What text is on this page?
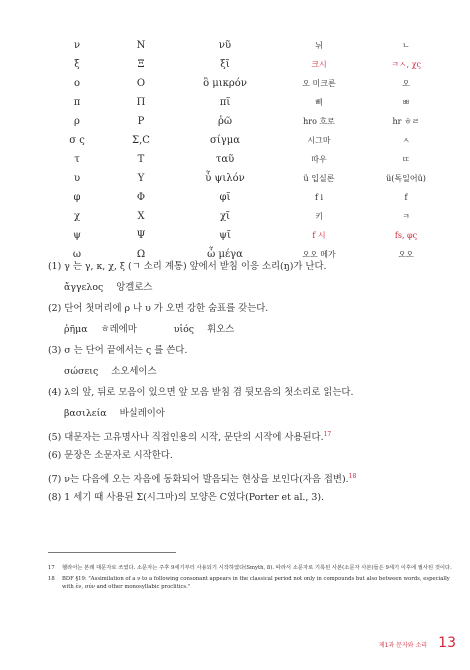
ν	N	νῦ	뉘	ㄴ
ξ	Ξ	ξῖ	크시	ㅋㅅ, χς
ο	O	ὂ μικρόν	오 미크론	오
π	Π	πῖ	삐	ㅃ
ρ	P	ῥῶ	hro 흐로	hr ㅎㄹ
σ ς	Σ,C	σίγμα	시그마	ㅅ
τ	T	ταῦ	따우	ㄸ
υ	Y	ὖ ψιλόν	ü 입실론	ü(독일어ü)
φ	Φ	φῖ	f i	f
χ	X	χῖ	키	ㅋ
ψ	Ψ	ψῖ	f 시	fs, φς
ω	Ω	ὦ μέγα	오오 메가	오오
(1) γ 는 γ, κ, χ, ξ (ㄱ 소리 계통) 앞에서 받침 이응 소리(ŋ)가 난다.
ἄγγελος 앙겔로스
(2) 단어 첫머리에 ρ 나 υ 가 오면 강한 숨표를 갖는다.
ῥῆμα ㅎ레에마	υἱός 휘오스
(3) σ 는 단어 끝에서는 ς 를 쓴다.
σώσεις 소오세이스
(4) λ의 앞, 뒤로 모음이 있으면 앞 모음 받침 겸 뒷모음의 첫소리로 읽는다.
βασιλεία 바실레이아
(5) 대문자는 고유명사나 직접인용의 시작, 문단의 시작에 사용된다.$^{17}$
(6) 문장은 소문자로 시작한다.
(7) ν는 다음에 오는 자음에 동화되어 발음되는 현상을 보인다(자음 접변).$^{18}$
(8) 1 세기 때 사용된 Σ(시그마)의 모양은 C였다(Porter et al., 3).
17	헬라어는 본래 대문자로 쓰였다. 소문자는 주후 9세기부터 사용되기 시작하였다(Smyth, 8). 따라서 소문자로 기록된 사본(소문자 사본)들은 9세기 이후에 필사된 것이다.
18	BDF §19: "Assimilation of a ν to a following consonant appears in the classical period not only in compounds but also between words, especially with ἐν, σύν and other monosyllabic proclitics."
제1과 문자와 소리 13
